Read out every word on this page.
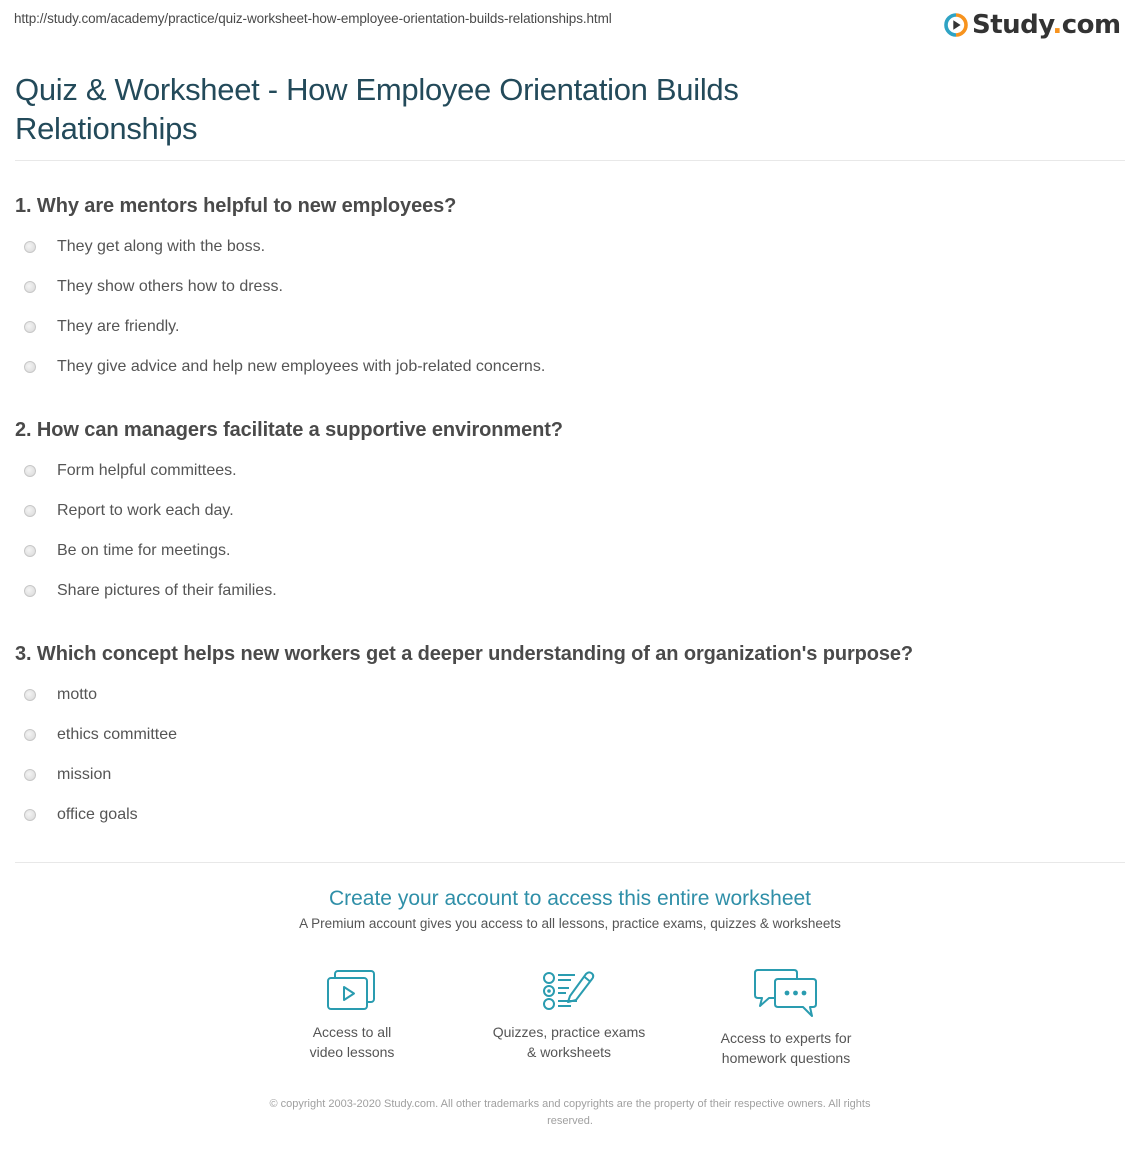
http://study.com/academy/practice/quiz-worksheet-how-employee-orientation-builds-relationships.html	Study.com
Quiz & Worksheet - How Employee Orientation Builds Relationships
1. Why are mentors helpful to new employees?
They get along with the boss.
They show others how to dress.
They are friendly.
They give advice and help new employees with job-related concerns.
2. How can managers facilitate a supportive environment?
Form helpful committees.
Report to work each day.
Be on time for meetings.
Share pictures of their families.
3. Which concept helps new workers get a deeper understanding of an organization's purpose?
motto
ethics committee
mission
office goals
Create your account to access this entire worksheet
A Premium account gives you access to all lessons, practice exams, quizzes & worksheets
Access to all
video lessons
Quizzes, practice exams
& worksheets
Access to experts for
homework questions
© copyright 2003-2020 Study.com. All other trademarks and copyrights are the property of their respective owners. All rights
reserved.
